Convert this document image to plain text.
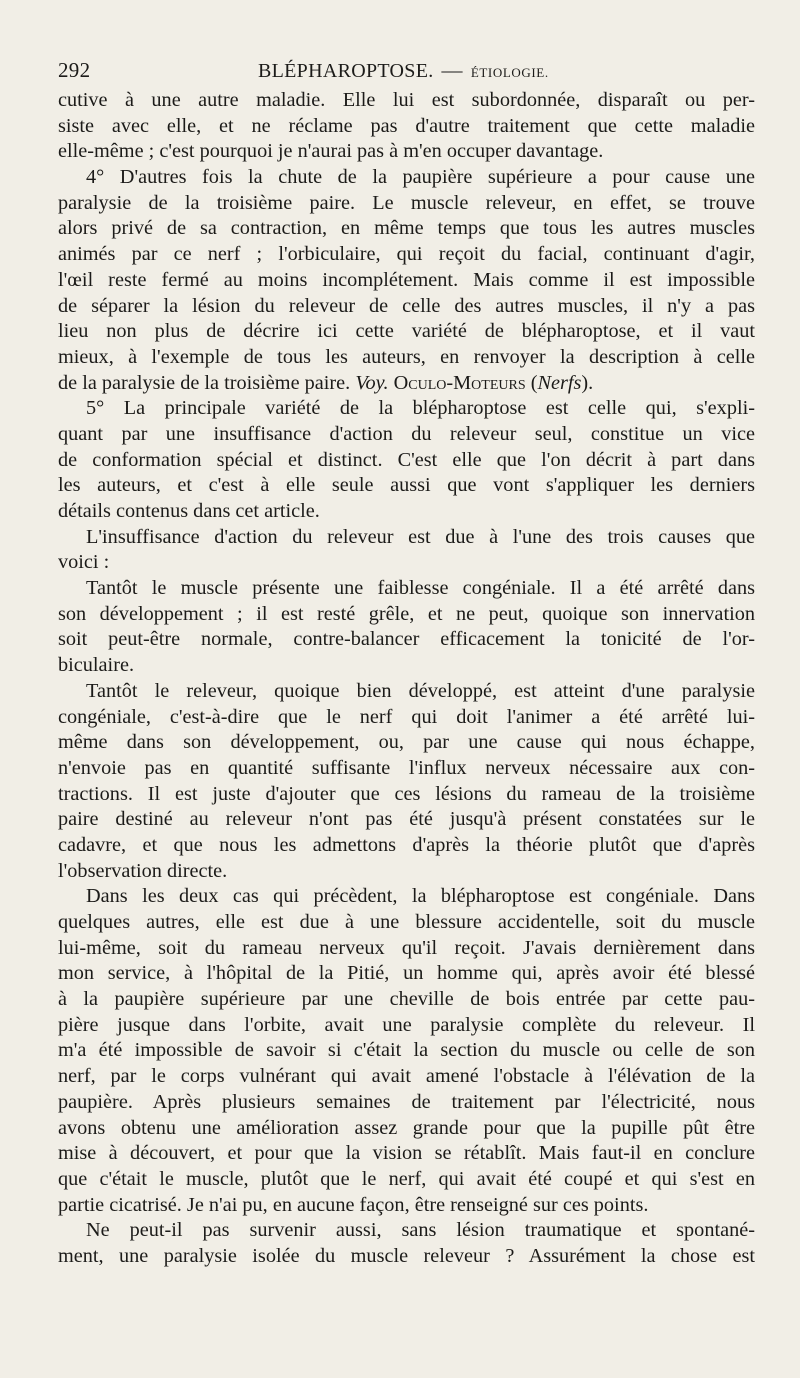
292	BLÉPHAROPTOSE. — ÉTIOLOGIE.

cutive à une autre maladie. Elle lui est subordonnée, disparaît ou per-
siste avec elle, et ne réclame pas d'autre traitement que cette maladie
elle-même ; c'est pourquoi je n'aurai pas à m'en occuper davantage.

4° D'autres fois la chute de la paupière supérieure a pour cause une
paralysie de la troisième paire. Le muscle releveur, en effet, se trouve
alors privé de sa contraction, en même temps que tous les autres muscles
animés par ce nerf ; l'orbiculaire, qui reçoit du facial, continuant d'agir,
l'œil reste fermé au moins incomplétement. Mais comme il est impossible
de séparer la lésion du releveur de celle des autres muscles, il n'y a pas
lieu non plus de décrire ici cette variété de blépharoptose, et il vaut
mieux, à l'exemple de tous les auteurs, en renvoyer la description à celle
de la paralysie de la troisième paire. Voy. Oculo-Moteurs (Nerfs).

5° La principale variété de la blépharoptose est celle qui, s'expli-
quant par une insuffisance d'action du releveur seul, constitue un vice
de conformation spécial et distinct. C'est elle que l'on décrit à part dans
les auteurs, et c'est à elle seule aussi que vont s'appliquer les derniers
détails contenus dans cet article.

L'insuffisance d'action du releveur est due à l'une des trois causes que
voici :

Tantôt le muscle présente une faiblesse congéniale. Il a été arrêté dans
son développement ; il est resté grêle, et ne peut, quoique son innervation
soit peut-être normale, contre-balancer efficacement la tonicité de l'or-
biculaire.

Tantôt le releveur, quoique bien développé, est atteint d'une paralysie
congéniale, c'est-à-dire que le nerf qui doit l'animer a été arrêté lui-
même dans son développement, ou, par une cause qui nous échappe,
n'envoie pas en quantité suffisante l'influx nerveux nécessaire aux con-
tractions. Il est juste d'ajouter que ces lésions du rameau de la troisième
paire destiné au releveur n'ont pas été jusqu'à présent constatées sur le
cadavre, et que nous les admettons d'après la théorie plutôt que d'après
l'observation directe.

Dans les deux cas qui précèdent, la blépharoptose est congéniale. Dans
quelques autres, elle est due à une blessure accidentelle, soit du muscle
lui-même, soit du rameau nerveux qu'il reçoit. J'avais dernièrement dans
mon service, à l'hôpital de la Pitié, un homme qui, après avoir été blessé
à la paupière supérieure par une cheville de bois entrée par cette pau-
pière jusque dans l'orbite, avait une paralysie complète du releveur. Il
m'a été impossible de savoir si c'était la section du muscle ou celle de son
nerf, par le corps vulnérant qui avait amené l'obstacle à l'élévation de la
paupière. Après plusieurs semaines de traitement par l'électricité, nous
avons obtenu une amélioration assez grande pour que la pupille pût être
mise à découvert, et pour que la vision se rétablît. Mais faut-il en conclure
que c'était le muscle, plutôt que le nerf, qui avait été coupé et qui s'est en
partie cicatrisé. Je n'ai pu, en aucune façon, être renseigné sur ces points.

Ne peut-il pas survenir aussi, sans lésion traumatique et spontané-
ment, une paralysie isolée du muscle releveur ? Assurément la chose est
